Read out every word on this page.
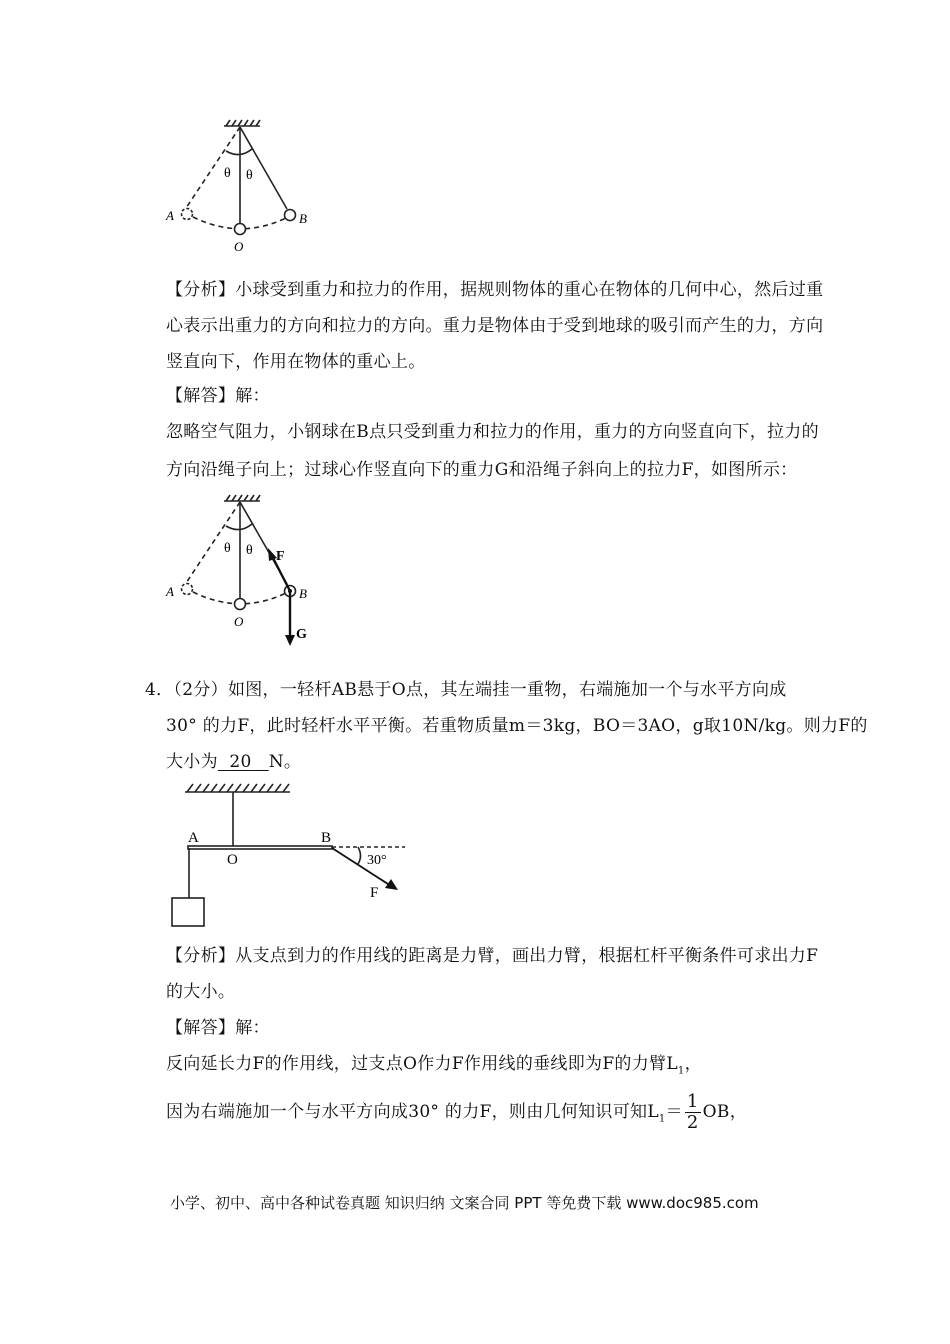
θ θ
A	B
O
【分析】小球受到重力和拉力的作用，据规则物体的重心在物体的几何中心，然后过重
心表示出重力的方向和拉力的方向。重力是物体由于受到地球的吸引而产生的力，方向
竖直向下，作用在物体的重心上。
【解答】解：
忽略空气阻力，小钢球在B点只受到重力和拉力的作用，重力的方向竖直向下，拉力的
方向沿绳子向上；过球心作竖直向下的重力G和沿绳子斜向上的拉力F，如图所示：
θ θ F
G
A	B
O
4．（2分）如图，一轻杆AB悬于O点，其左端挂一重物，右端施加一个与水平方向成
30° 的力F，此时轻杆水平平衡。若重物质量m＝3kg，BO＝3AO，g取10N/kg。则力F的
大小为 20 N。
A
O
B
30°
F
【分析】从支点到力的作用线的距离是力臂，画出力臂，根据杠杆平衡条件可求出力F
的大小。
【解答】解：
反向延长力F的作用线，过支点O作力F作用线的垂线即为F的力臂$L_1$，
因为右端施加一个与水平方向成30° 的力F，则由几何知识可知$L_1= \frac{1}{2}$ OB，
小学、初中、高中各种试卷真题 知识归纳 文案合同 PPT 等免费下载 www.doc985.com
